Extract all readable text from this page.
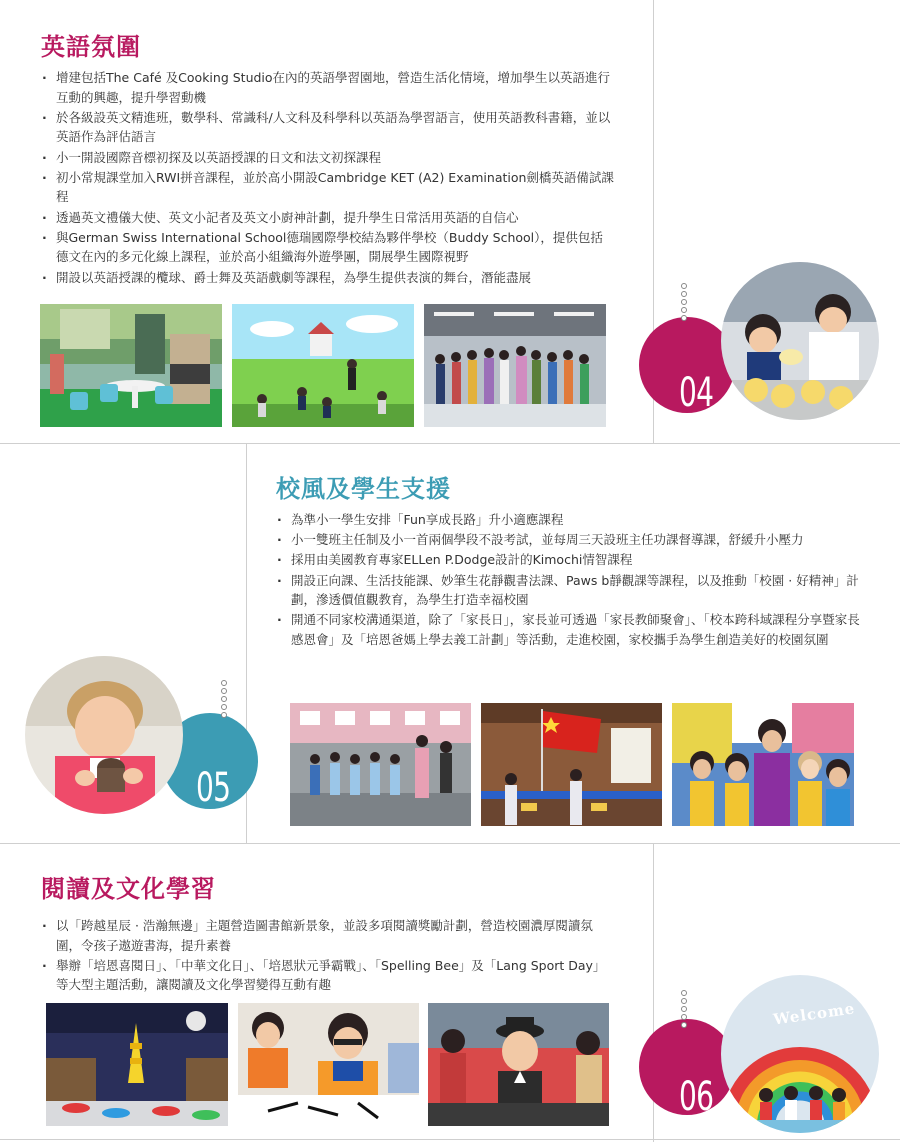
英語氛圍
· 增建包括The Café 及Cooking Studio在內的英語學習園地，營造生活化情境，增加學生以英語進行互動的興趣，提升學習動機
· 於各級設英文精進班，數學科、常識科/人文科及科學科以英語為學習語言，使用英語教科書籍，並以英語作為評估語言
· 小一開設國際音標初探及以英語授課的日文和法文初探課程
· 初小常規課堂加入RWI拼音課程，並於高小開設Cambridge KET (A2) Examination劍橋英語備試課程
· 透過英文禮儀大使、英文小記者及英文小廚神計劃，提升學生日常活用英語的自信心
· 與German Swiss International School德瑞國際學校結為夥伴學校（Buddy School），提供包括德文在內的多元化線上課程，並於高小組織海外遊學團，開展學生國際視野
· 開設以英語授課的欖球、爵士舞及英語戲劇等課程，為學生提供表演的舞台，潛能盡展
04
校風及學生支援
· 為準小一學生安排「Fun享成長路」升小適應課程
· 小一雙班主任制及小一首兩個學段不設考試，並每周三天設班主任功課督導課，舒緩升小壓力
· 採用由美國教育專家ELLen P.Dodge設計的Kimochi情智課程
· 開設正向課、生活技能課、妙筆生花靜觀書法課、Paws b靜觀課等課程，以及推動「校園 · 好精神」計劃，滲透價值觀教育，為學生打造幸福校園
· 開通不同家校溝通渠道，除了「家長日」，家長並可透過「家長教師聚會」、「校本跨科域課程分享暨家長感恩會」及「培恩爸媽上學去義工計劃」等活動，走進校園，家校攜手為學生創造美好的校園氛圍
05
閱讀及文化學習
· 以「跨越星辰 · 浩瀚無邊」主題營造圖書館新景象，並設多項閱讀獎勵計劃，營造校園濃厚閱讀氛圍，令孩子遨遊書海，提升素養
· 舉辦「培恩喜閱日」、「中華文化日」、「培恩狀元爭霸戰」、「Spelling Bee」及「Lang Sport Day」等大型主題活動，讓閱讀及文化學習變得互動有趣
Welcome
06
